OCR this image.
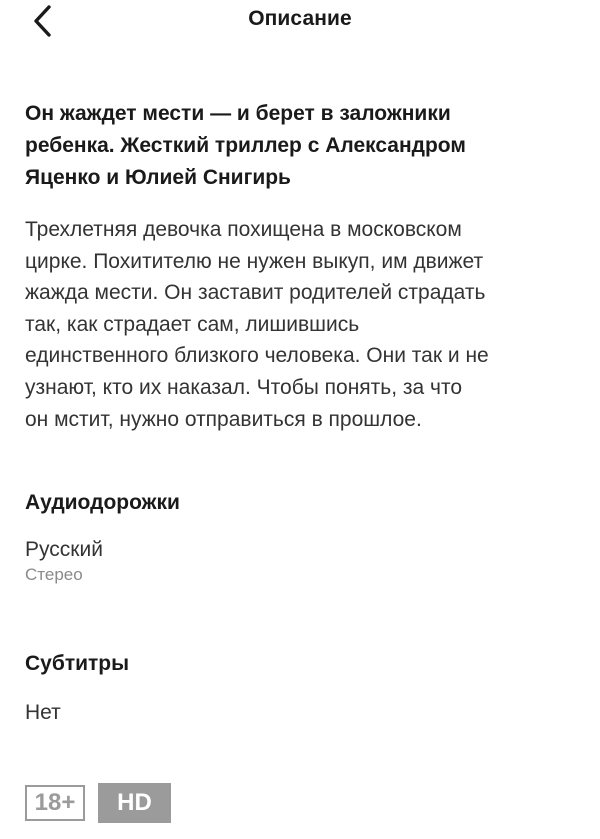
Описание
Он жаждет мести — и берет в заложники
ребенка. Жесткий триллер с Александром
Яценко и Юлией Снигирь

Трехлетняя девочка похищена в московском
цирке. Похитителю не нужен выкуп, им движет
жажда мести. Он заставит родителей страдать
так, как страдает сам, лишившись
единственного близкого человека. Они так и не
узнают, кто их наказал. Чтобы понять, за что
он мстит, нужно отправиться в прошлое.

Аудиодорожки
Русский
Стерео
Субтитры
Нет
18+	HD
